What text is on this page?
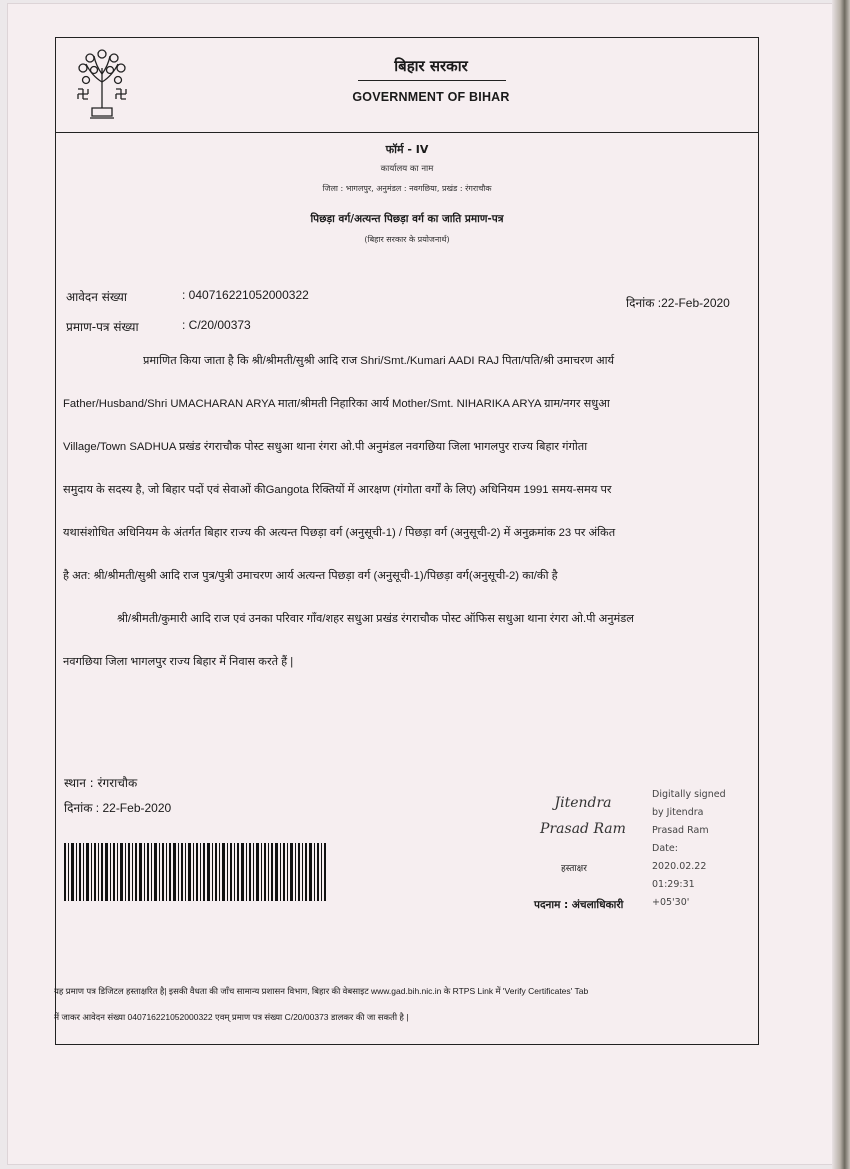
बिहार सरकार
GOVERNMENT OF BIHAR
फॉर्म - IV
कार्यालय का नाम
जिला : भागलपुर, अनुमंडल : नवगछिया, प्रखंड : रंगराचौक
पिछड़ा वर्ग/अत्यन्त पिछड़ा वर्ग का जाति प्रमाण-पत्र
(बिहार सरकार के प्रयोजनार्थ)
आवेदन संख्या	: 040716221052000322
दिनांक :22-Feb-2020
प्रमाण-पत्र संख्या	: C/20/00373
प्रमाणित किया जाता है कि श्री/श्रीमती/सुश्री आदि राज Shri/Smt./Kumari AADI RAJ पिता/पति/श्री उमाचरण आर्य
Father/Husband/Shri UMACHARAN ARYA माता/श्रीमती निहारिका आर्य Mother/Smt. NIHARIKA ARYA ग्राम/नगर सधुआ
Village/Town SADHUA प्रखंड रंगराचौक पोस्ट सधुआ थाना रंगरा ओ.पी अनुमंडल नवगछिया जिला भागलपुर राज्य बिहार गंगोता
समुदाय के सदस्य है, जो बिहार पदों एवं सेवाओं कीGangota रिक्तियों में आरक्षण (गंगोता वर्गों के लिए) अधिनियम 1991 समय-समय पर
यथासंशोधित अधिनियम के अंतर्गत बिहार राज्य की अत्यन्त पिछड़ा वर्ग (अनुसूची-1) / पिछड़ा वर्ग (अनुसूची-2) में अनुक्रमांक 23 पर अंकित
है अत: श्री/श्रीमती/सुश्री आदि राज पुत्र/पुत्री उमाचरण आर्य अत्यन्त पिछड़ा वर्ग (अनुसूची-1)/पिछड़ा वर्ग(अनुसूची-2) का/की है
श्री/श्रीमती/कुमारी आदि राज एवं उनका परिवार गाँव/शहर सधुआ प्रखंड रंगराचौक पोस्ट ऑफिस सधुआ थाना रंगरा ओ.पी अनुमंडल
नवगछिया जिला भागलपुर राज्य बिहार में निवास करते हैं |
स्थान : रंगराचौक
दिनांक : 22-Feb-2020	Jitendra
Prasad Ram
हस्ताक्षर
पदनाम : अंचलाधिकारी
Digitally signed
by Jitendra
Prasad Ram
Date:
2020.02.22
01:29:31
+05'30'
यह प्रमाण पत्र डिजिटल हस्ताक्षरित है| इसकी वैधता की जाँच सामान्य प्रशासन विभाग, बिहार की वेबसाइट www.gad.bih.nic.in के RTPS Link में 'Verify Certificates' Tab
में जाकर आवेदन संख्या 040716221052000322 एवम् प्रमाण पत्र संख्या C/20/00373 डालकर की जा सकती है |
